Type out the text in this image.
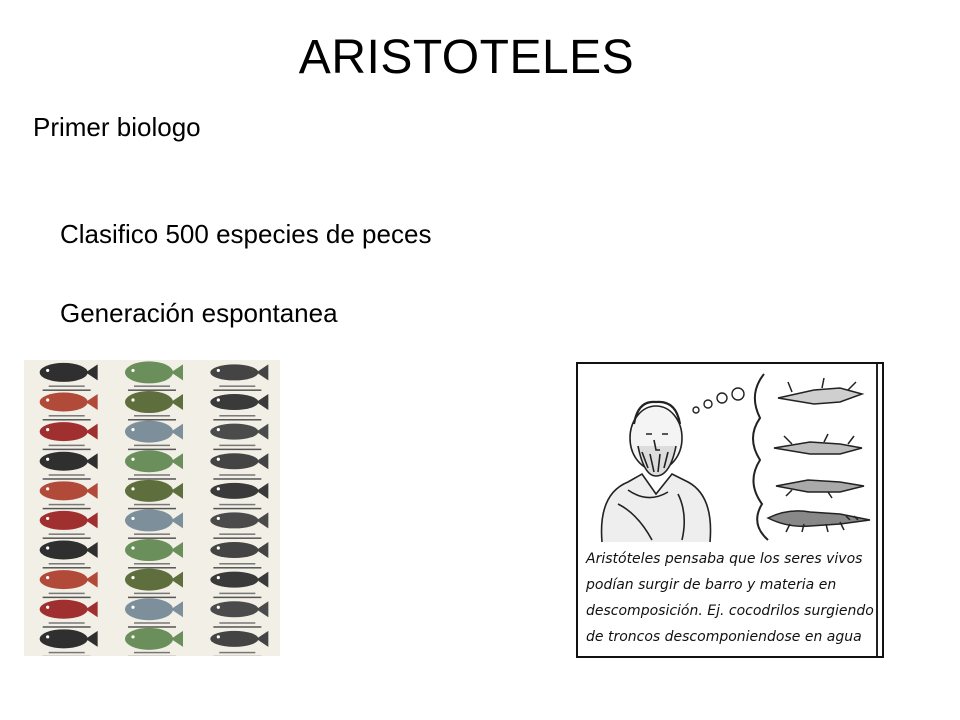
ARISTOTELES
Primer biologo
Clasifico 500 especies de peces
Generación espontanea
Aristóteles pensaba que los seres vivos
podían surgir de barro y materia en
descomposición. Ej. cocodrilos surgiendo
de troncos descomponiendose en agua
